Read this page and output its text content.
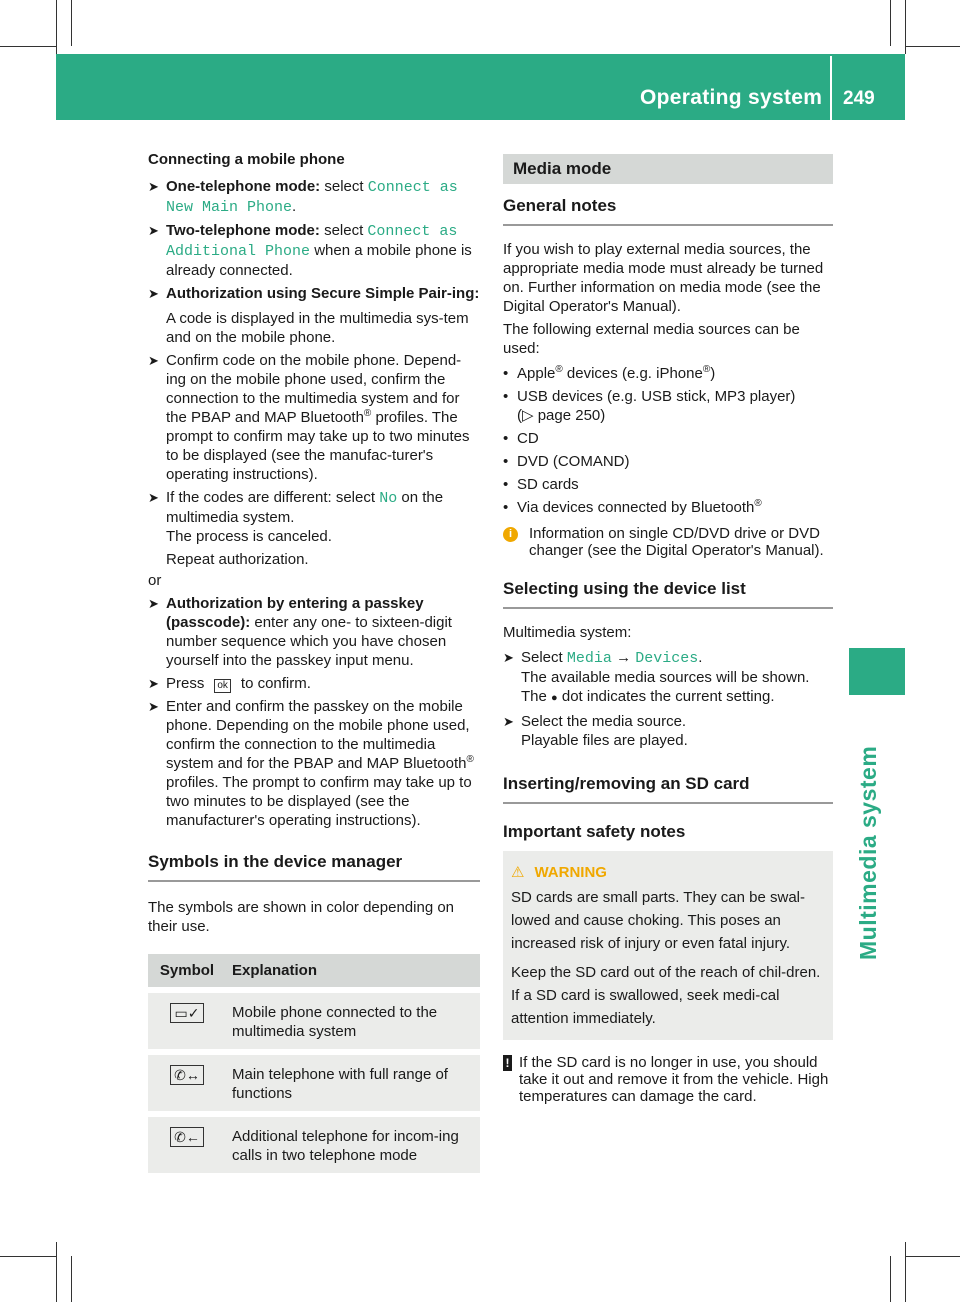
Operating system 249
Multimedia system

Connecting a mobile phone

➤ One-telephone mode: select Connect as
New Main Phone.
➤ Two-telephone mode: select Connect as
Additional Phone when a mobile phone is already connected.
➤ Authorization using Secure Simple Pair-ing:

A code is displayed in the multimedia sys-tem and on the mobile phone.

➤ Confirm code on the mobile phone. Depend-ing on the mobile phone used, confirm the connection to the multimedia system and for the PBAP and MAP Bluetooth® profiles. The prompt to confirm may take up to two minutes to be displayed (see the manufac-turer's operating instructions).
➤ If the codes are different: select No on the multimedia system.
The process is canceled.

Repeat authorization.

or

➤ Authorization by entering a passkey (passcode): enter any one- to sixteen-digit number sequence which you have chosen yourself into the passkey input menu.
➤ Press ok to confirm.
➤ Enter and confirm the passkey on the mobile phone. Depending on the mobile phone used, confirm the connection to the multimedia system and for the PBAP and MAP Bluetooth® profiles. The prompt to confirm may take up to two minutes to be displayed (see the manufacturer's operating instructions).
Symbols in the device manager

The symbols are shown in color depending on their use.

Symbol	Explanation
▭✓	Mobile phone connected to the multimedia system
✆↔	Main telephone with full range of functions
✆←	Additional telephone for incom-ing calls in two telephone mode
Media mode
General notes

If you wish to play external media sources, the appropriate media mode must already be turned on. Further information on media mode (see the Digital Operator's Manual).

The following external media sources can be used:

• Apple® devices (e.g. iPhone®)
• USB devices (e.g. USB stick, MP3 player)
(▷ page 250)
• CD
• DVD (COMAND)
• SD cards
• Via devices connected by Bluetooth®
i	Information on single CD/DVD drive or DVD changer (see the Digital Operator's Manual).
Selecting using the device list

Multimedia system:

➤ Select Media → Devices.
The available media sources will be shown.
The ● dot indicates the current setting.
➤ Select the media source.
Playable files are played.
Inserting/removing an SD card

Important safety notes

⚠ WARNING

SD cards are small parts. They can be swal-lowed and cause choking. This poses an increased risk of injury or even fatal injury.

Keep the SD card out of the reach of chil-dren. If a SD card is swallowed, seek medi-cal attention immediately.

! If the SD card is no longer in use, you should take it out and remove it from the vehicle. High temperatures can damage the card.
